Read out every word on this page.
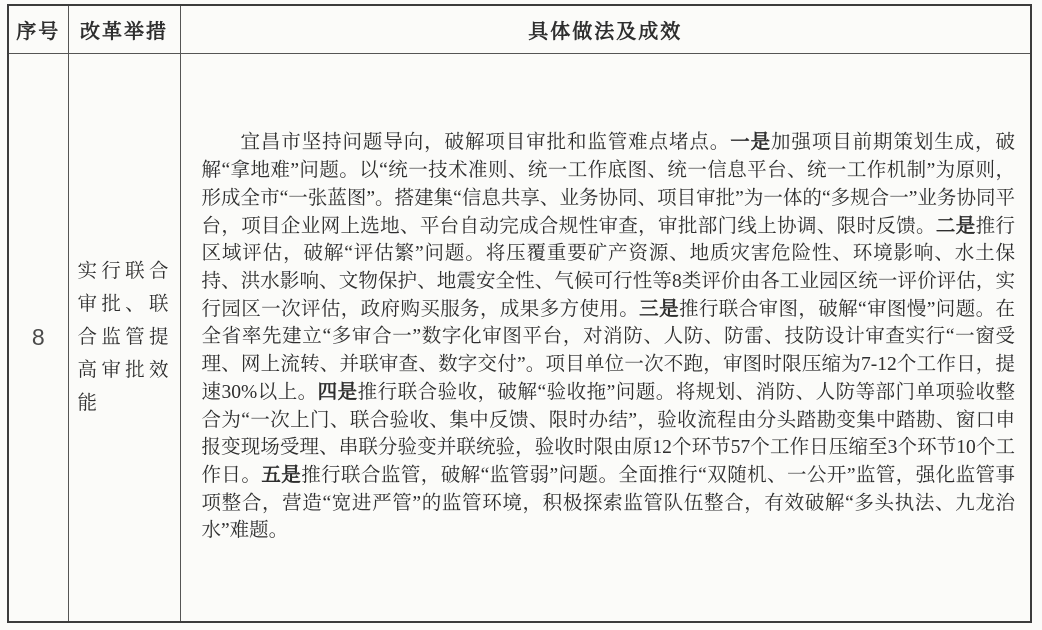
序号	改革举措	具体做法及成效
8	实行联合审批、联合监管提高审批效能	宜昌市坚持问题导向，破解项目审批和监管难点堵点。一是加强项目前期策划生成，破解“拿地难”问题。以“统一技术准则、统一工作底图、统一信息平台、统一工作机制”为原则，形成全市“一张蓝图”。搭建集“信息共享、业务协同、项目审批”为一体的“多规合一”业务协同平台，项目企业网上选地、平台自动完成合规性审查，审批部门线上协调、限时反馈。二是推行区域评估，破解“评估繁”问题。将压覆重要矿产资源、地质灾害危险性、环境影响、水土保持、洪水影响、文物保护、地震安全性、气候可行性等8类评价由各工业园区统一评价评估，实行园区一次评估，政府购买服务，成果多方使用。三是推行联合审图，破解“审图慢”问题。在全省率先建立“多审合一”数字化审图平台，对消防、人防、防雷、技防设计审查实行“一窗受理、网上流转、并联审查、数字交付”。项目单位一次不跑，审图时限压缩为7-12个工作日，提速30%以上。四是推行联合验收，破解“验收拖”问题。将规划、消防、人防等部门单项验收整合为“一次上门、联合验收、集中反馈、限时办结”，验收流程由分头踏勘变集中踏勘、窗口申报变现场受理、串联分验变并联统验，验收时限由原12个环节57个工作日压缩至3个环节10个工作日。五是推行联合监管，破解“监管弱”问题。全面推行“双随机、一公开”监管，强化监管事项整合，营造“宽进严管”的监管环境，积极探索监管队伍整合，有效破解“多头执法、九龙治水”难题。
